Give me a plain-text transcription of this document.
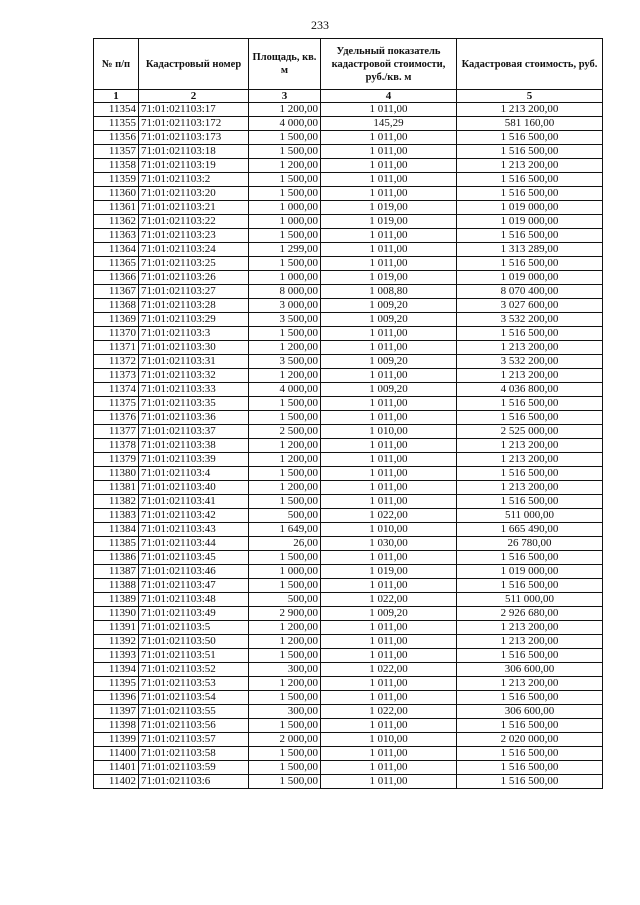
233
№ п/п	Кадастровый номер	Площадь, кв. м	Удельный показатель кадастровой стоимости, руб./кв. м	Кадастровая стоимость, руб.
1	2	3	4	5
11354	71:01:021103:17	1 200,00	1 011,00	1 213 200,00
11355	71:01:021103:172	4 000,00	145,29	581 160,00
11356	71:01:021103:173	1 500,00	1 011,00	1 516 500,00
11357	71:01:021103:18	1 500,00	1 011,00	1 516 500,00
11358	71:01:021103:19	1 200,00	1 011,00	1 213 200,00
11359	71:01:021103:2	1 500,00	1 011,00	1 516 500,00
11360	71:01:021103:20	1 500,00	1 011,00	1 516 500,00
11361	71:01:021103:21	1 000,00	1 019,00	1 019 000,00
11362	71:01:021103:22	1 000,00	1 019,00	1 019 000,00
11363	71:01:021103:23	1 500,00	1 011,00	1 516 500,00
11364	71:01:021103:24	1 299,00	1 011,00	1 313 289,00
11365	71:01:021103:25	1 500,00	1 011,00	1 516 500,00
11366	71:01:021103:26	1 000,00	1 019,00	1 019 000,00
11367	71:01:021103:27	8 000,00	1 008,80	8 070 400,00
11368	71:01:021103:28	3 000,00	1 009,20	3 027 600,00
11369	71:01:021103:29	3 500,00	1 009,20	3 532 200,00
11370	71:01:021103:3	1 500,00	1 011,00	1 516 500,00
11371	71:01:021103:30	1 200,00	1 011,00	1 213 200,00
11372	71:01:021103:31	3 500,00	1 009,20	3 532 200,00
11373	71:01:021103:32	1 200,00	1 011,00	1 213 200,00
11374	71:01:021103:33	4 000,00	1 009,20	4 036 800,00
11375	71:01:021103:35	1 500,00	1 011,00	1 516 500,00
11376	71:01:021103:36	1 500,00	1 011,00	1 516 500,00
11377	71:01:021103:37	2 500,00	1 010,00	2 525 000,00
11378	71:01:021103:38	1 200,00	1 011,00	1 213 200,00
11379	71:01:021103:39	1 200,00	1 011,00	1 213 200,00
11380	71:01:021103:4	1 500,00	1 011,00	1 516 500,00
11381	71:01:021103:40	1 200,00	1 011,00	1 213 200,00
11382	71:01:021103:41	1 500,00	1 011,00	1 516 500,00
11383	71:01:021103:42	500,00	1 022,00	511 000,00
11384	71:01:021103:43	1 649,00	1 010,00	1 665 490,00
11385	71:01:021103:44	26,00	1 030,00	26 780,00
11386	71:01:021103:45	1 500,00	1 011,00	1 516 500,00
11387	71:01:021103:46	1 000,00	1 019,00	1 019 000,00
11388	71:01:021103:47	1 500,00	1 011,00	1 516 500,00
11389	71:01:021103:48	500,00	1 022,00	511 000,00
11390	71:01:021103:49	2 900,00	1 009,20	2 926 680,00
11391	71:01:021103:5	1 200,00	1 011,00	1 213 200,00
11392	71:01:021103:50	1 200,00	1 011,00	1 213 200,00
11393	71:01:021103:51	1 500,00	1 011,00	1 516 500,00
11394	71:01:021103:52	300,00	1 022,00	306 600,00
11395	71:01:021103:53	1 200,00	1 011,00	1 213 200,00
11396	71:01:021103:54	1 500,00	1 011,00	1 516 500,00
11397	71:01:021103:55	300,00	1 022,00	306 600,00
11398	71:01:021103:56	1 500,00	1 011,00	1 516 500,00
11399	71:01:021103:57	2 000,00	1 010,00	2 020 000,00
11400	71:01:021103:58	1 500,00	1 011,00	1 516 500,00
11401	71:01:021103:59	1 500,00	1 011,00	1 516 500,00
11402	71:01:021103:6	1 500,00	1 011,00	1 516 500,00
